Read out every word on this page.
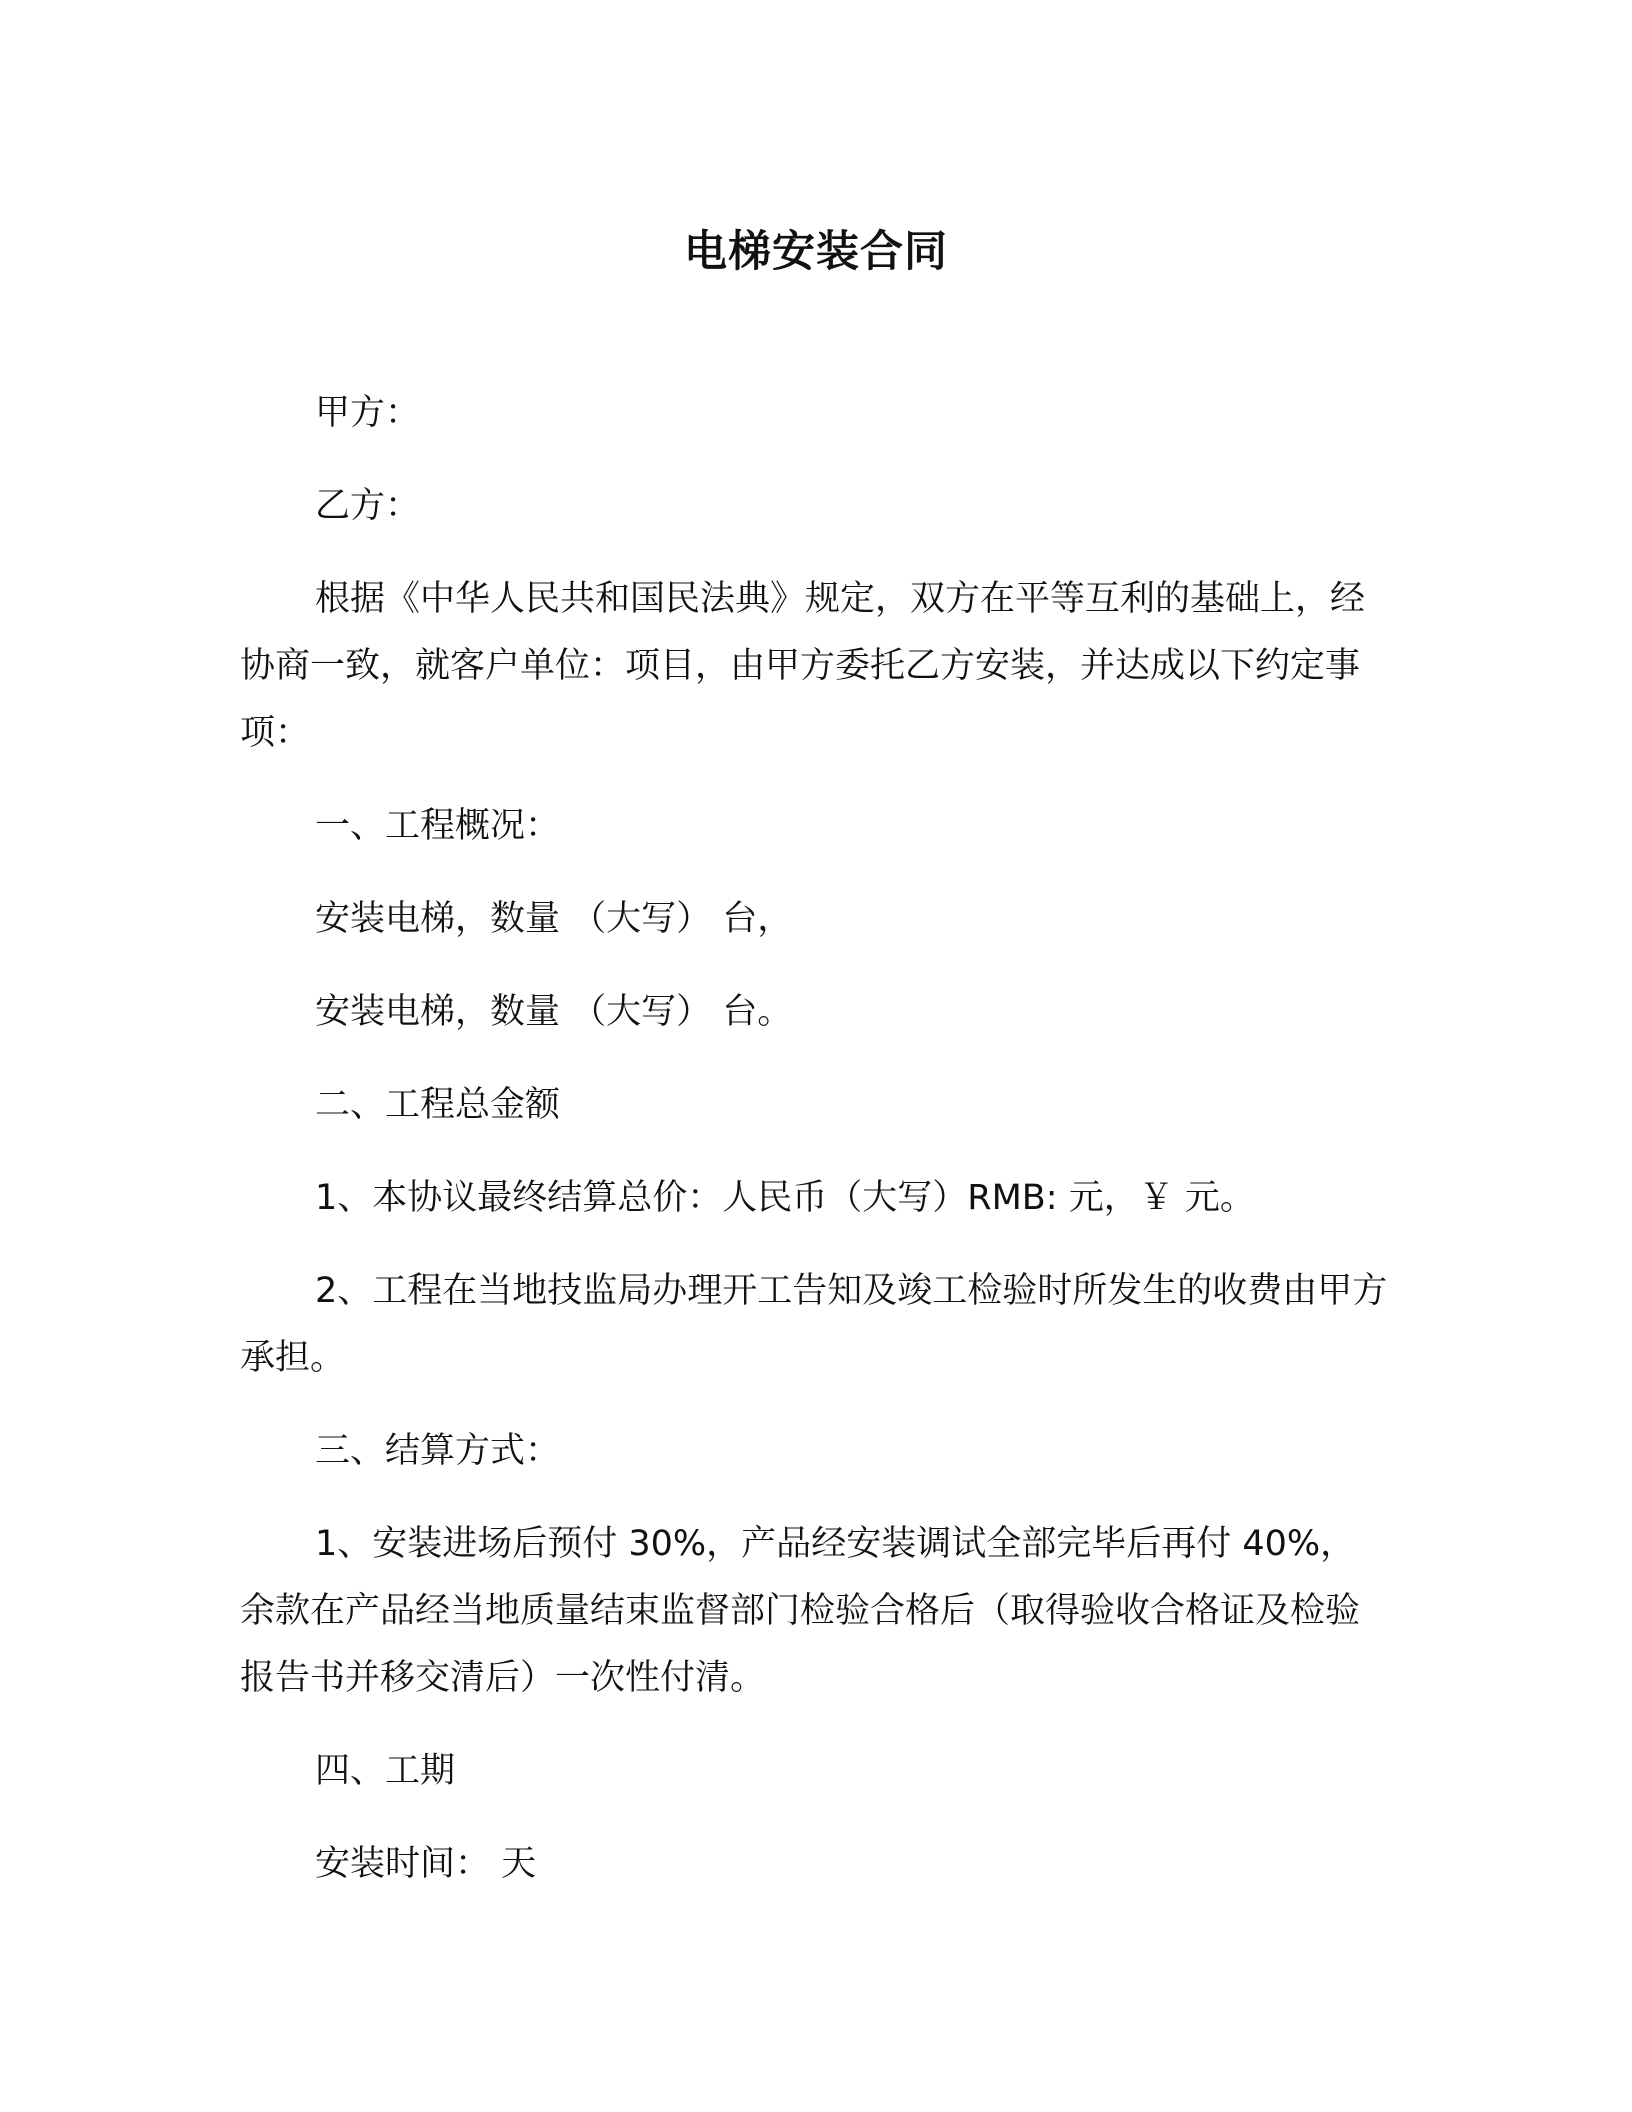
电梯安装合同

甲方：

乙方：

根据《中华人民共和国民法典》规定，双方在平等互利的基础上，经协商一致，就客户单位：项目，由甲方委托乙方安装，并达成以下约定事项：

一、工程概况：

安装电梯，数量 （大写） 台，

安装电梯，数量 （大写） 台。

二、工程总金额

1、本协议最终结算总价：人民币（大写）RMB: 元，￥ 元。

2、工程在当地技监局办理开工告知及竣工检验时所发生的收费由甲方承担。

三、结算方式：

1、安装进场后预付 30%，产品经安装调试全部完毕后再付 40%，余款在产品经当地质量结束监督部门检验合格后（取得验收合格证及检验报告书并移交清后）一次性付清。

四、工期

安装时间： 天
